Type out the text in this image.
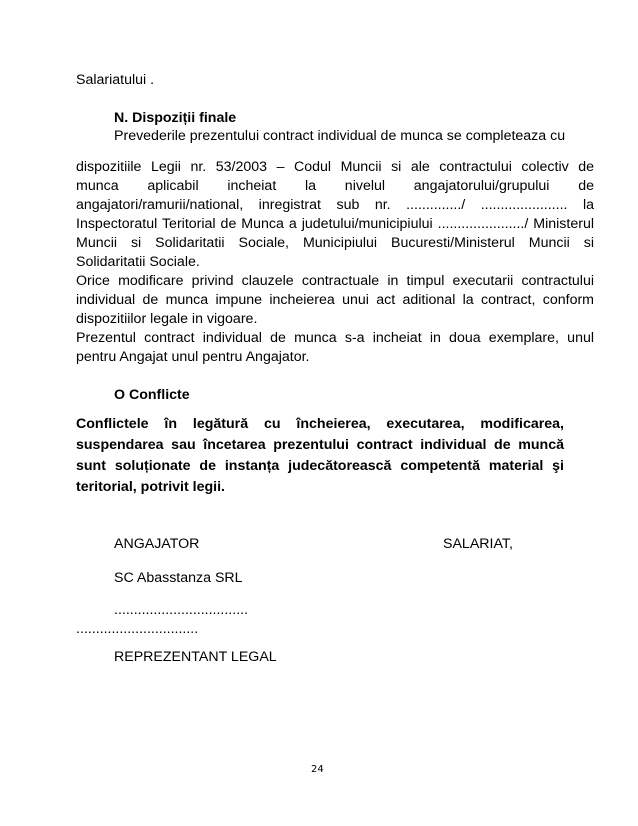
Salariatului .
N. Dispoziții finale
Prevederile prezentului contract individual de munca se completeaza cu
dispozitiile Legii nr. 53/2003 – Codul Muncii si ale contractului colectiv de
munca aplicabil incheiat la nivelul angajatorului/grupului de
angajatori/ramurii/national, inregistrat sub nr. ............../ ...................... la
Inspectoratul Teritorial de Munca a judetului/municipiului ....................../ Ministerul
Muncii si Solidaritatii Sociale, Municipiului Bucuresti/Ministerul Muncii si
Solidaritatii Sociale.
Orice modificare privind clauzele contractuale in timpul executarii contractului
individual de munca impune incheierea unui act aditional la contract, conform
dispozitiilor legale in vigoare.
Prezentul contract individual de munca s-a incheiat in doua exemplare, unul
pentru Angajat unul pentru Angajator.
O Conflicte
Conflictele în legătură cu încheierea, executarea, modificarea,
suspendarea sau încetarea prezentului contract individual de muncă
sunt soluționate de instanța judecătorească competentă material şi
teritorial, potrivit legii.
ANGAJATOR	SALARIAT,
SC Abasstanza SRL
..................................
...............................
REPREZENTANT LEGAL
24
